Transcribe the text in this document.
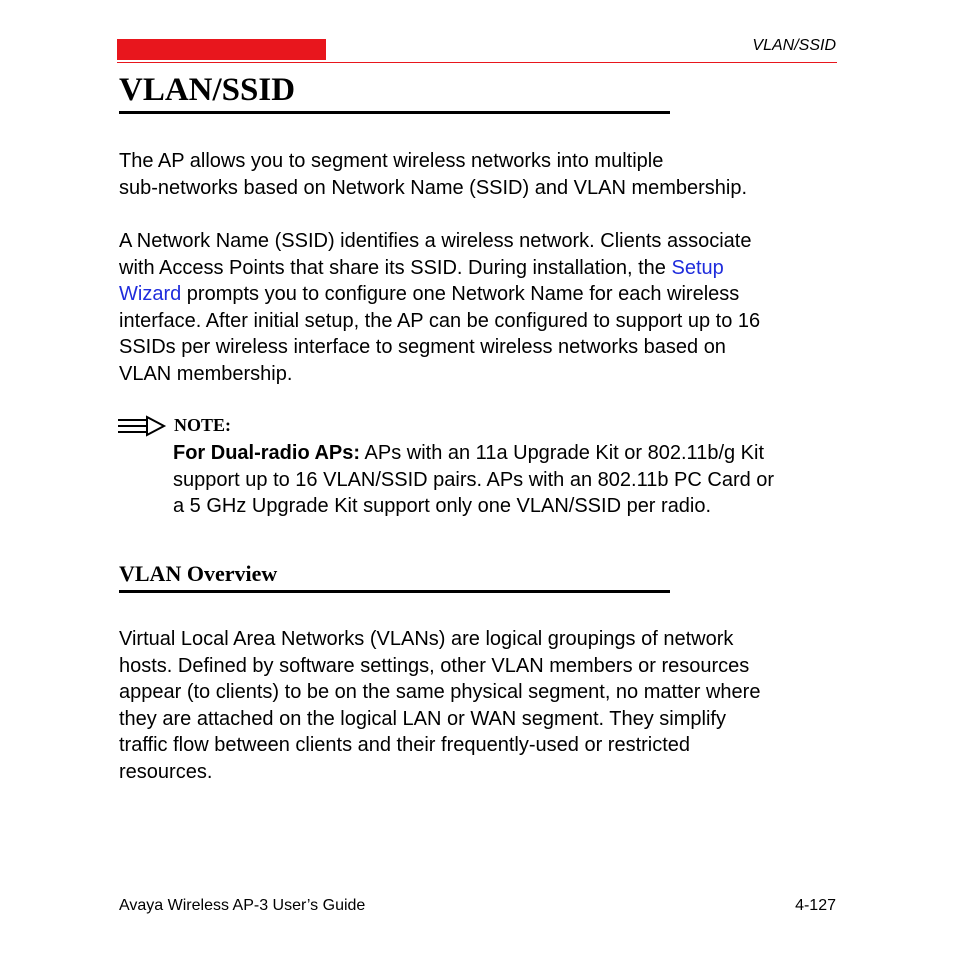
VLAN/SSID
VLAN/SSID

The AP allows you to segment wireless networks into multiple
sub-networks based on Network Name (SSID) and VLAN membership.

A Network Name (SSID) identifies a wireless network. Clients associate
with Access Points that share its SSID. During installation, the Setup
Wizard prompts you to configure one Network Name for each wireless
interface. After initial setup, the AP can be configured to support up to 16
SSIDs per wireless interface to segment wireless networks based on
VLAN membership.

NOTE:

For Dual-radio APs: APs with an 11a Upgrade Kit or 802.11b/g Kit
support up to 16 VLAN/SSID pairs. APs with an 802.11b PC Card or
a 5 GHz Upgrade Kit support only one VLAN/SSID per radio.

VLAN Overview

Virtual Local Area Networks (VLANs) are logical groupings of network
hosts. Defined by software settings, other VLAN members or resources
appear (to clients) to be on the same physical segment, no matter where
they are attached on the logical LAN or WAN segment. They simplify
traffic flow between clients and their frequently-used or restricted
resources.

Avaya Wireless AP-3 User’s Guide	4-127
